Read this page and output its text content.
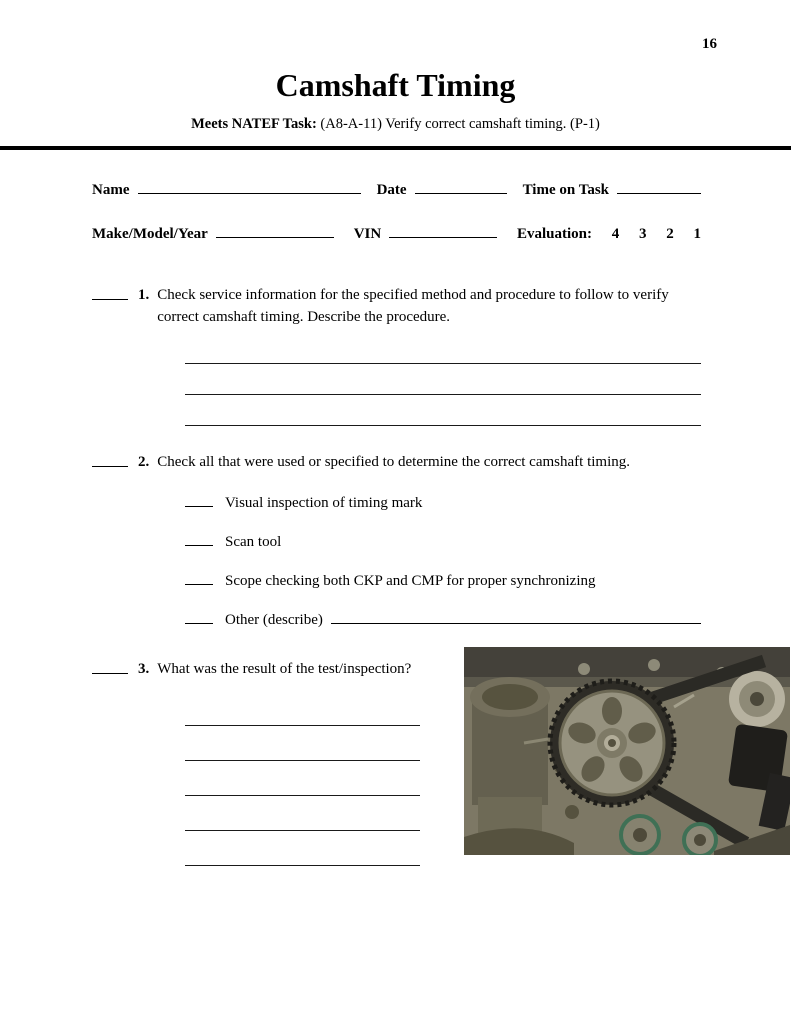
16
Camshaft Timing
Meets NATEF Task: (A8-A-11) Verify correct camshaft timing. (P-1)
Name	Date	Time on Task
Make/Model/Year	VIN	Evaluation: 4 3 2 1
1. Check service information for the specified method and procedure to follow to verify correct camshaft timing. Describe the procedure.
2. Check all that were used or specified to determine the correct camshaft timing.
Visual inspection of timing mark
Scan tool
Scope checking both CKP and CMP for proper synchronizing
Other (describe)
3. What was the result of the test/inspection?
